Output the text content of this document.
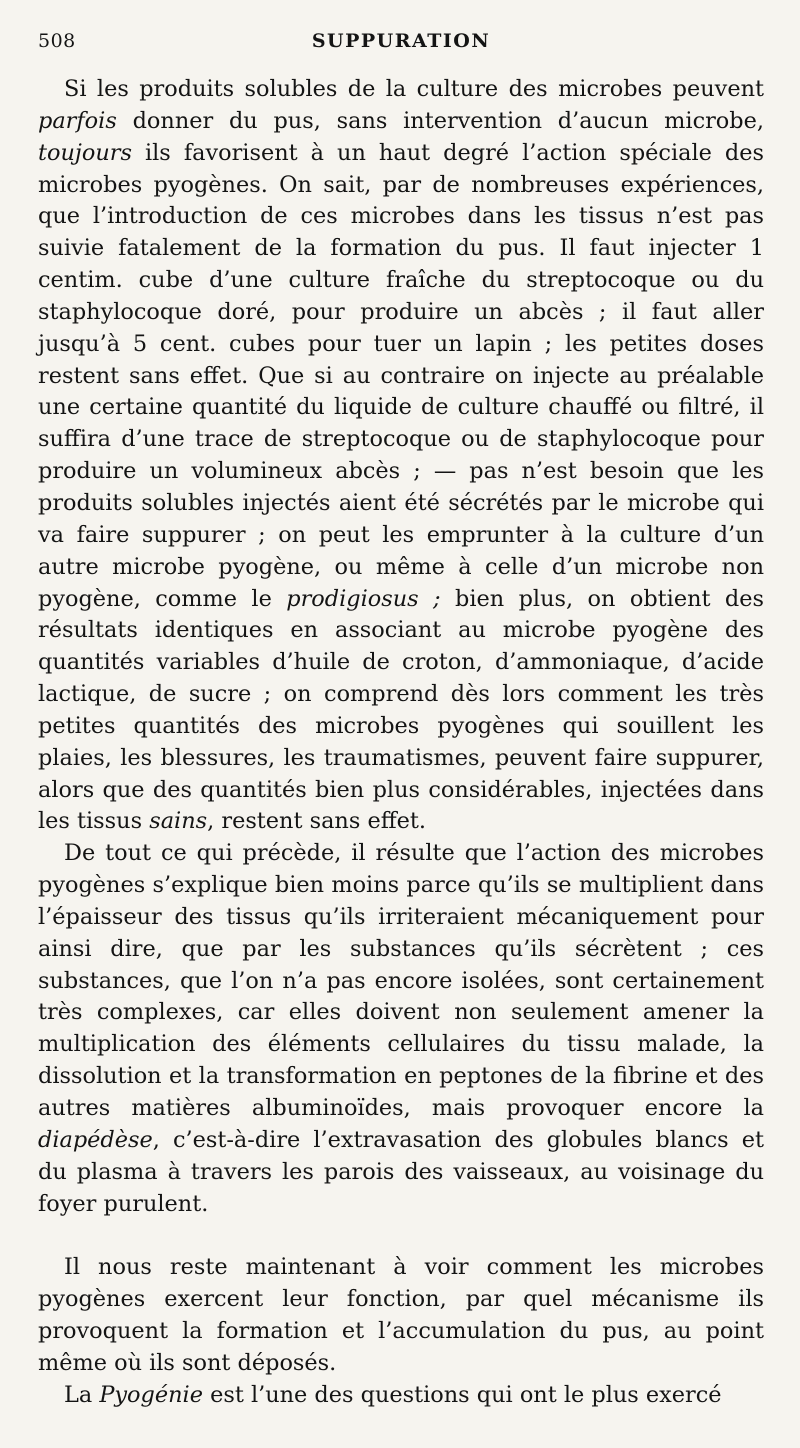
508	SUPPURATION

Si les produits solubles de la culture des microbes peuvent parfois donner du pus, sans intervention d’aucun microbe, toujours ils favorisent à un haut degré l’action spéciale des microbes pyogènes. On sait, par de nombreuses expériences, que l’introduction de ces microbes dans les tissus n’est pas suivie fatalement de la formation du pus. Il faut injecter 1 centim. cube d’une culture fraîche du streptocoque ou du staphylocoque doré, pour produire un abcès ; il faut aller jusqu’à 5 cent. cubes pour tuer un lapin ; les petites doses restent sans effet. Que si au contraire on injecte au préalable une certaine quantité du liquide de culture chauffé ou filtré, il suffira d’une trace de streptocoque ou de staphylocoque pour produire un volumineux abcès ; — pas n’est besoin que les produits solubles injectés aient été sécrétés par le microbe qui va faire suppurer ; on peut les emprunter à la culture d’un autre microbe pyogène, ou même à celle d’un microbe non pyogène, comme le prodigiosus ; bien plus, on obtient des résultats identiques en associant au microbe pyogène des quantités variables d’huile de croton, d’ammoniaque, d’acide lactique, de sucre ; on comprend dès lors comment les très petites quantités des microbes pyogènes qui souillent les plaies, les blessures, les traumatismes, peuvent faire suppurer, alors que des quantités bien plus considérables, injectées dans les tissus sains, restent sans effet.

De tout ce qui précède, il résulte que l’action des microbes pyogènes s’explique bien moins parce qu’ils se multiplient dans l’épaisseur des tissus qu’ils irriteraient mécaniquement pour ainsi dire, que par les substances qu’ils sécrètent ; ces substances, que l’on n’a pas encore isolées, sont certainement très complexes, car elles doivent non seulement amener la multiplication des éléments cellulaires du tissu malade, la dissolution et la transformation en peptones de la fibrine et des autres matières albuminoïdes, mais provoquer encore la diapédèse, c’est-à-dire l’extravasation des globules blancs et du plasma à travers les parois des vaisseaux, au voisinage du foyer purulent.

Il nous reste maintenant à voir comment les microbes pyogènes exercent leur fonction, par quel mécanisme ils provoquent la formation et l’accumulation du pus, au point même où ils sont déposés.

La Pyogénie est l’une des questions qui ont le plus exercé
